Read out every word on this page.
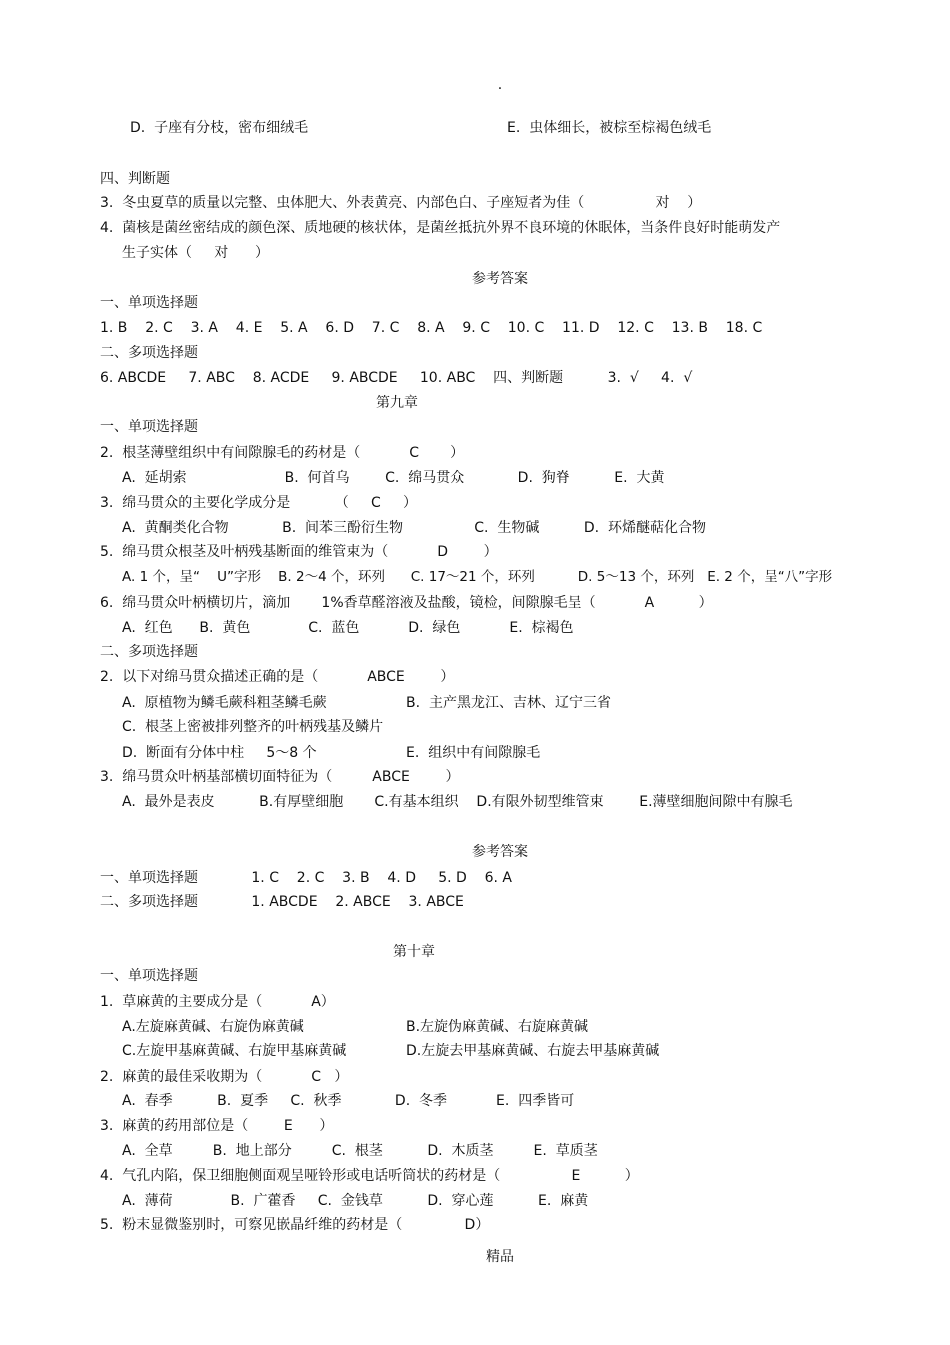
.
D.  子座有分枝，密布细绒毛	E.  虫体细长，被棕至棕褐色绒毛
四、判断题
3.  冬虫夏草的质量以完整、虫体肥大、外表黄亮、内部色白、子座短者为佳（                对    ）
4.  菌核是菌丝密结成的颜色深、质地硬的核状体，是菌丝抵抗外界不良环境的休眠体，当条件良好时能萌发产
生子实体（     对      ）
参考答案
一、单项选择题
1. B    2. C    3. A    4. E    5. A    6. D    7. C    8. A    9. C    10. C    11. D    12. C    13. B    18. C
二、多项选择题
6. ABCDE     7. ABC    8. ACDE     9. ABCDE     10. ABC    四、判断题          3.  √     4.  √
第九章
一、单项选择题
2.  根茎薄壁组织中有间隙腺毛的药材是（           C       ）
A.  延胡索                      B.  何首乌        C.  绵马贯众            D.  狗脊          E.  大黄
3.  绵马贯众的主要化学成分是          （     C     ）
A.  黄酮类化合物            B.  间苯三酚衍生物                C.  生物碱          D.  环烯醚萜化合物
5.  绵马贯众根茎及叶柄残基断面的维管束为（           D        ）
A. 1 个，呈“    U”字形    B. 2～4 个，环列      C. 17～21 个，环列          D. 5～13 个，环列   E. 2 个，呈“八”字形
6.  绵马贯众叶柄横切片，滴加       1%香草醛溶液及盐酸，镜检，间隙腺毛呈（           A          ）
A.  红色      B.  黄色             C.  蓝色           D.  绿色           E.  棕褐色
二、多项选择题
2.  以下对绵马贯众描述正确的是（           ABCE        ）
A.  原植物为鳞毛蕨科粗茎鳞毛蕨	B.  主产黑龙江、吉林、辽宁三省
C.  根茎上密被排列整齐的叶柄残基及鳞片
D.  断面有分体中柱     5～8 个	E.  组织中有间隙腺毛
3.  绵马贯众叶柄基部横切面特征为（         ABCE        ）
A.  最外是表皮          B.有厚壁细胞       C.有基本组织    D.有限外韧型维管束        E.薄壁细胞间隙中有腺毛
参考答案
一、单项选择题            1. C    2. C    3. B    4. D     5. D    6. A
二、多项选择题            1. ABCDE    2. ABCE    3. ABCE
第十章
一、单项选择题
1.  草麻黄的主要成分是（           A）
A.左旋麻黄碱、右旋伪麻黄碱	B.左旋伪麻黄碱、右旋麻黄碱
C.左旋甲基麻黄碱、右旋甲基麻黄碱	D.左旋去甲基麻黄碱、右旋去甲基麻黄碱
2.  麻黄的最佳采收期为（           C   ）
A.  春季          B.  夏季     C.  秋季            D.  冬季           E.  四季皆可
3.  麻黄的药用部位是（        E      ）
A.  全草         B.  地上部分         C.  根茎          D.  木质茎         E.  草质茎
4.  气孔内陷，保卫细胞侧面观呈哑铃形或电话听筒状的药材是（                E          ）
A.  薄荷             B.  广藿香     C.  金钱草          D.  穿心莲          E.  麻黄
5.  粉末显微鉴别时，可察见嵌晶纤维的药材是（              D）
精品
